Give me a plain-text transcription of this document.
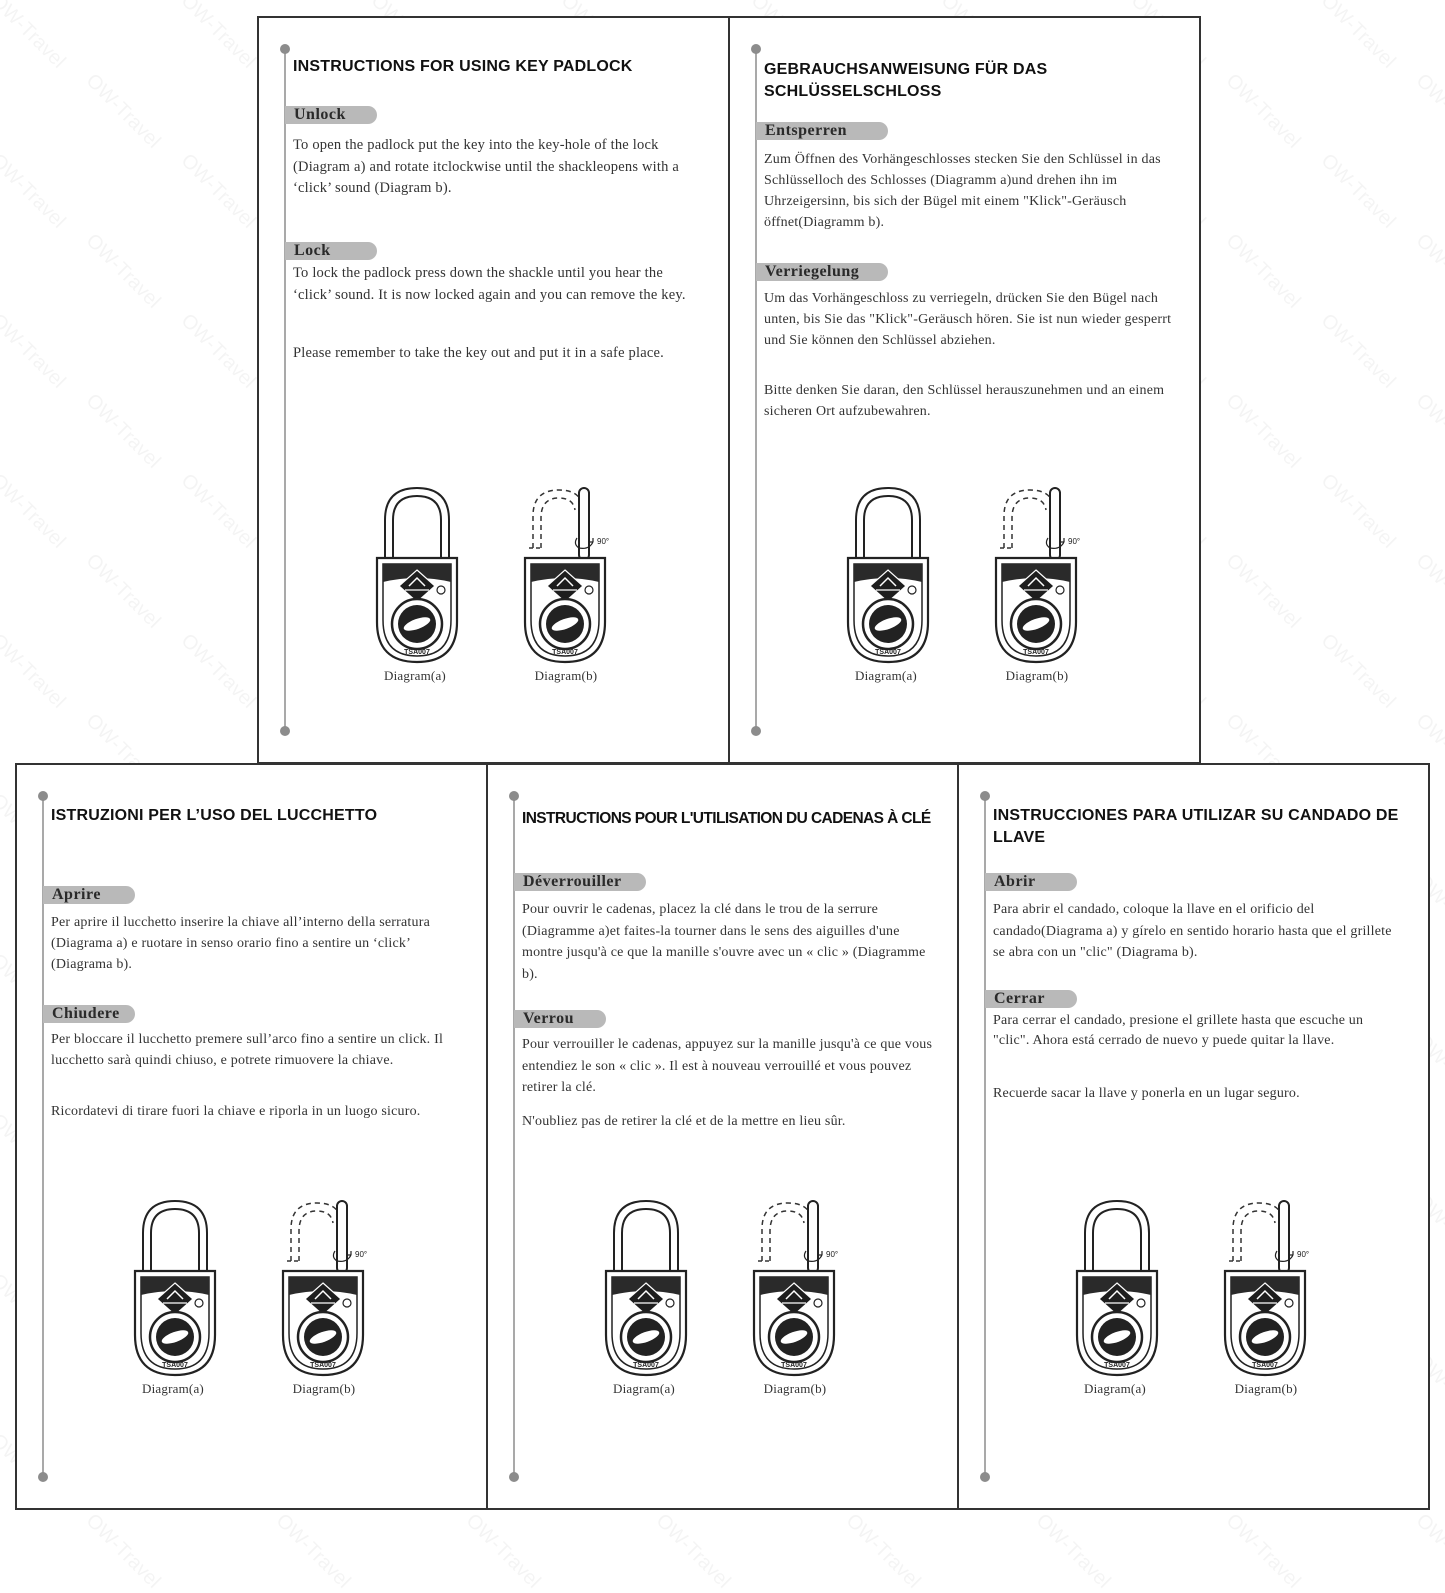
INSTRUCTIONS FOR USING KEY PADLOCK
Unlock
To open the padlock put the key into the key-hole of the lock (Diagram a) and rotate itclockwise until the shackleopens with a ‘click’ sound (Diagram b).
Lock
To lock the padlock press down the shackle until you hear the ‘click’ sound. It is now locked again and you can remove the key.
Please remember to take the key out and put it in a safe place.
TSA007
90°
TSA007
Diagram(a)	Diagram(b)
GEBRAUCHSANWEISUNG FÜR DAS SCHLÜSSELSCHLOSS
Entsperren
Zum Öffnen des Vorhängeschlosses stecken Sie den Schlüssel in das Schlüsselloch des Schlosses (Diagramm a)und drehen ihn im Uhrzeigersinn, bis sich der Bügel mit einem "Klick"-Geräusch öffnet(Diagramm b).
Verriegelung
Um das Vorhängeschloss zu verriegeln, drücken Sie den Bügel nach unten, bis Sie das "Klick"-Geräusch hören. Sie ist nun wieder gesperrt und Sie können den Schlüssel abziehen.
Bitte denken Sie daran, den Schlüssel herauszunehmen und an einem sicheren Ort aufzubewahren.
TSA007
90°
TSA007
Diagram(a)	Diagram(b)
ISTRUZIONI PER L’USO DEL LUCCHETTO
Aprire
Per aprire il lucchetto inserire la chiave all’interno della serratura (Diagrama a) e ruotare in senso orario fino a sentire un ‘click’ (Diagrama b).
Chiudere
Per bloccare il lucchetto premere sull’arco fino a sentire un click. Il lucchetto sarà quindi chiuso, e potrete rimuovere la chiave.
Ricordatevi di tirare fuori la chiave e riporla in un luogo sicuro.
TSA007
90°
TSA007
Diagram(a)	Diagram(b)
INSTRUCTIONS POUR L'UTILISATION DU CADENAS À CLÉ
Déverrouiller
Pour ouvrir le cadenas, placez la clé dans le trou de la serrure (Diagramme a)et faites-la tourner dans le sens des aiguilles d'une montre jusqu'à ce que la manille s'ouvre avec un « clic » (Diagramme b).
Verrou
Pour verrouiller le cadenas, appuyez sur la manille jusqu'à ce que vous entendiez le son « clic ». Il est à nouveau verrouillé et vous pouvez retirer la clé.
N'oubliez pas de retirer la clé et de la mettre en lieu sûr.
TSA007
90°
TSA007
Diagram(a)	Diagram(b)
INSTRUCCIONES PARA UTILIZAR SU CANDADO DE LLAVE
Abrir
Para abrir el candado, coloque la llave en el orificio del candado(Diagrama a) y gírelo en sentido horario hasta que el grillete se abra con un "clic" (Diagrama b).
Cerrar
Para cerrar el candado, presione el grillete hasta que escuche un "clic". Ahora está cerrado de nuevo y puede quitar la llave.
Recuerde sacar la llave y ponerla en un lugar seguro.
TSA007
90°
TSA007
Diagram(a)	Diagram(b)
